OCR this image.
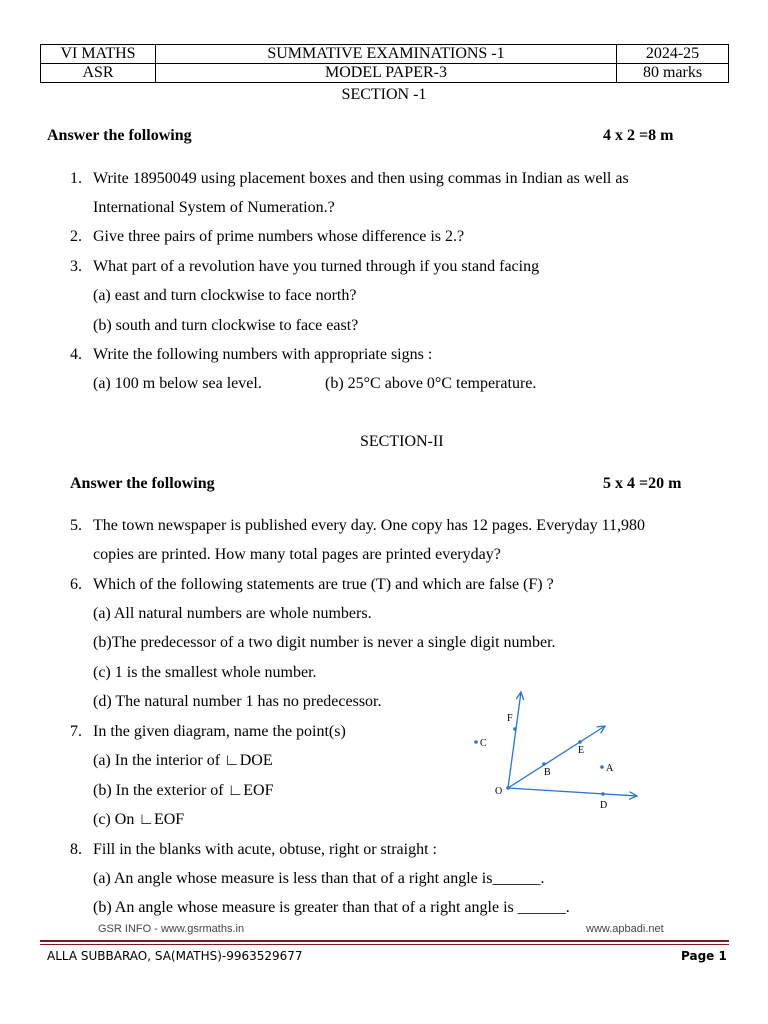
VI MATHS	SUMMATIVE EXAMINATIONS -1	2024-25
ASR	MODEL PAPER-3	80 marks
SECTION -1
Answer the following	4 x 2 =8 m
1. Write 18950049 using placement boxes and then using commas in Indian as well as
International System of Numeration.?
2. Give three pairs of prime numbers whose difference is 2.?
3. What part of a revolution have you turned through if you stand facing
(a) east and turn clockwise to face north?
(b) south and turn clockwise to face east?
4. Write the following numbers with appropriate signs :
(a) 100 m below sea level.	(b) 25°C above 0°C temperature.
SECTION-II
Answer the following	5 x 4 =20 m
5. The town newspaper is published every day. One copy has 12 pages. Everyday 11,980
copies are printed. How many total pages are printed everyday?
6. Which of the following statements are true (T) and which are false (F) ?
(a) All natural numbers are whole numbers.
(b)The predecessor of a two digit number is never a single digit number.
(c) 1 is the smallest whole number.
(d) The natural number 1 has no predecessor.
7. In the given diagram, name the point(s)
(a) In the interior of ∟DOE
(b) In the exterior of ∟EOF
(c) On ∟EOF
8. Fill in the blanks with acute, obtuse, right or straight :
(a) An angle whose measure is less than that of a right angle is______.
(b) An angle whose measure is greater than that of a right angle is ______.
F
C
E
B	A
O
D
GSR INFO - www.gsrmaths.in	www.apbadi.net
ALLA SUBBARAO, SA(MATHS)-9963529677	Page 1
